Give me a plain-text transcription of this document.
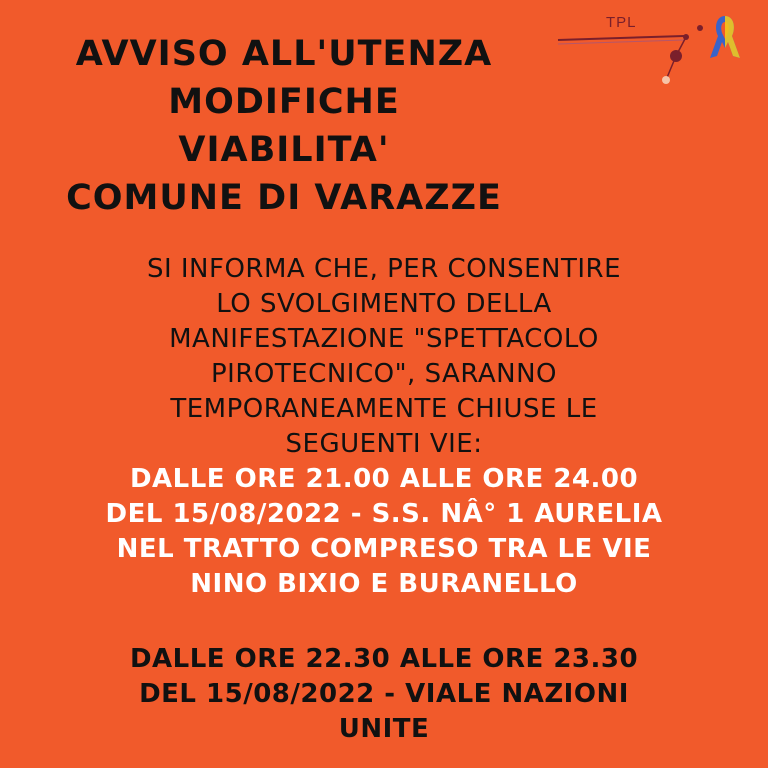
TPL
AVVISO ALL'UTENZA
MODIFICHE
VIABILITA'
COMUNE DI VARAZZE
SI INFORMA CHE, PER CONSENTIRE
LO SVOLGIMENTO DELLA
MANIFESTAZIONE "SPETTACOLO
PIROTECNICO", SARANNO
TEMPORANEAMENTE CHIUSE LE
SEGUENTI VIE:
DALLE ORE 21.00 ALLE ORE 24.00
DEL 15/08/2022 - S.S. NÂ° 1 AURELIA
NEL TRATTO COMPRESO TRA LE VIE
NINO BIXIO E BURANELLO
DALLE ORE 22.30 ALLE ORE 23.30
DEL 15/08/2022 - VIALE NAZIONI
UNITE
